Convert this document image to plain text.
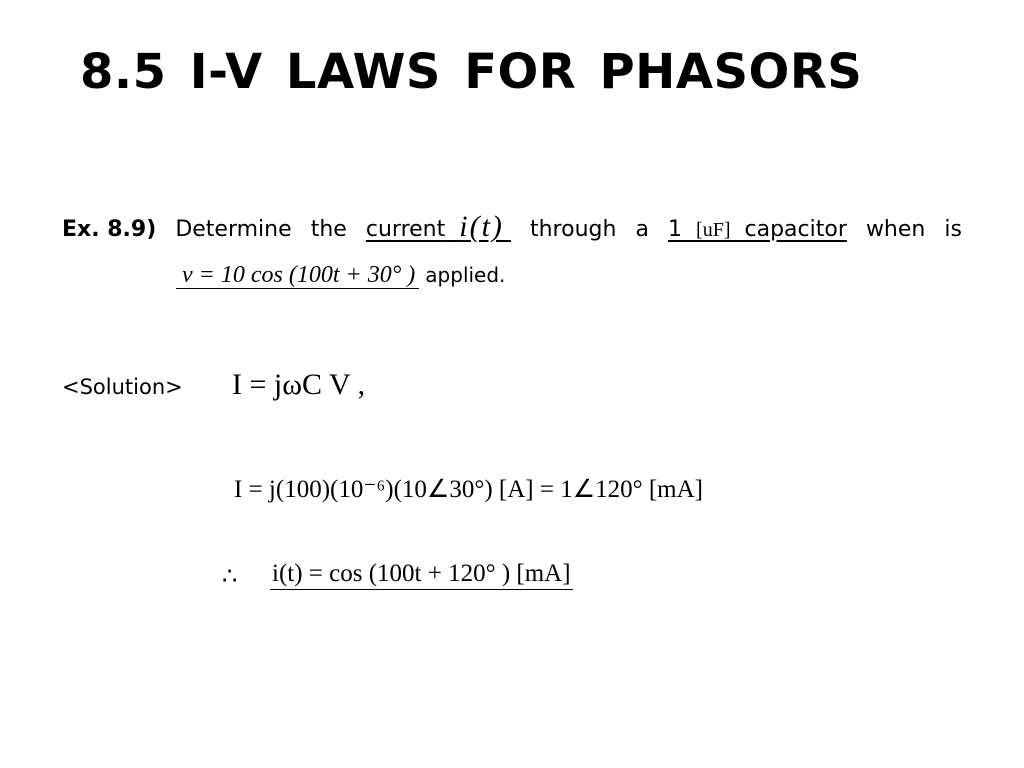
8.5 I-V LAWS FOR PHASORS
Ex. 8.9) Determine the current i(t)	through a 1 [uF] capacitor when is
v = 10 cos (100t + 30° ) applied.
<Solution> I = jωC V ,
I = j(100)(10⁻⁶)(10∠30°) [A] = 1∠120° [mA]
∴ i(t) = cos (100t + 120° ) [mA]
